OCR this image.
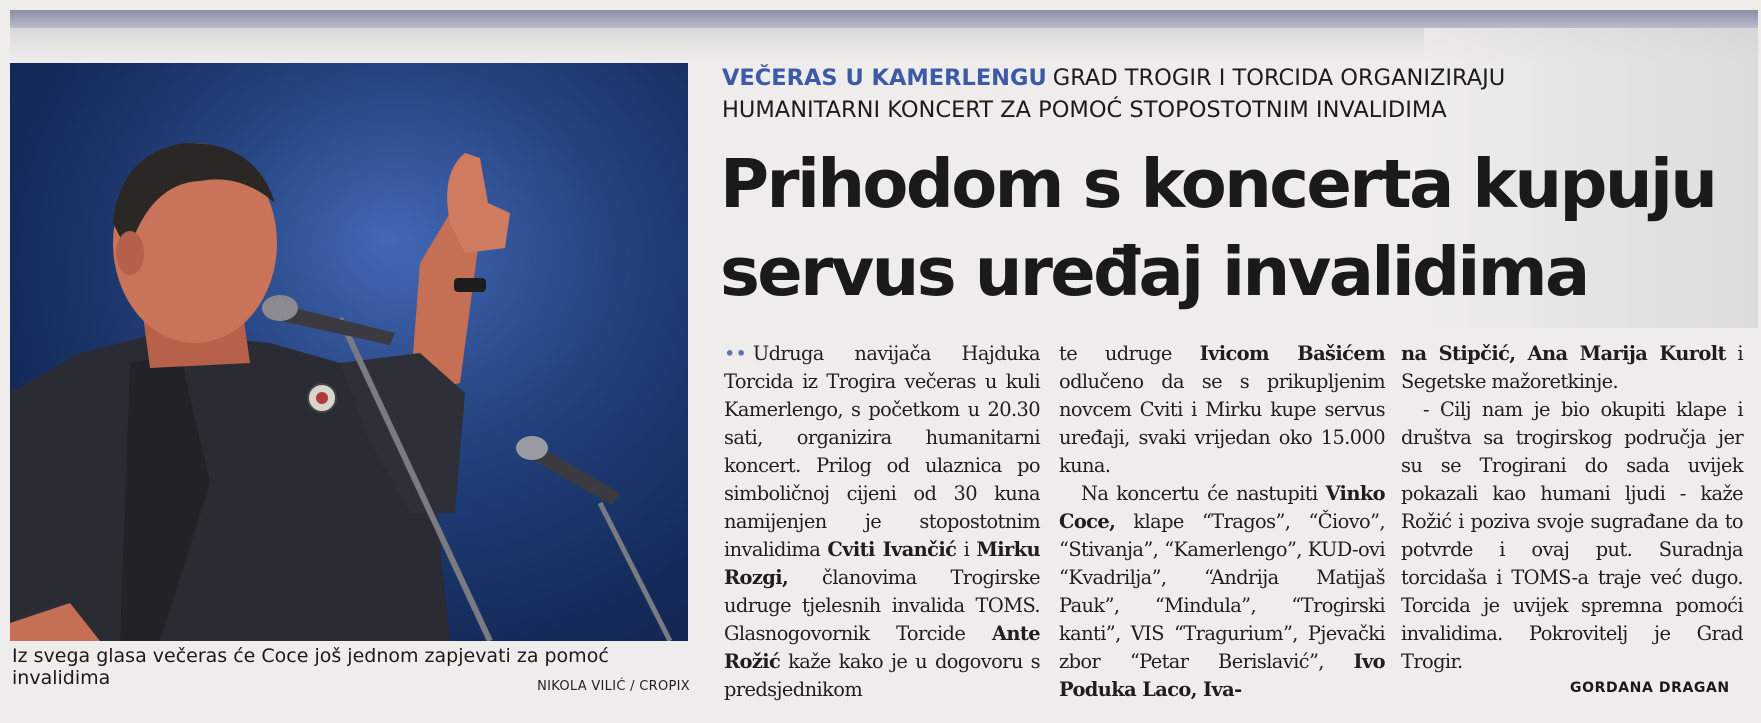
Iz svega glasa večeras će Coce još jednom zapjevati za pomoć invalidima	NIKOLA VILIĆ / CROPIX
VEČERAS U KAMERLENGU GRAD TROGIR I TORCIDA ORGANIZIRAJU HUMANITARNI KONCERT ZA POMOĆ STOPOSTOTNIM INVALIDIMA
Prihodom s koncerta kupuju
servus uređaj invalidima

•• Udruga navijača Hajduka Torcida iz Trogira večeras u kuli Kamerlengo, s početkom u 20.30 sati, organizira humanitarni koncert. Prilog od ulaznica po simboličnoj cijeni od 30 kuna namijenjen je stopostotnim invalidima Cviti Ivančić i Mirku Rozgi, članovima Trogirske udruge tjelesnih invalida TOMS. Glasnogovornik Torcide Ante Rožić kaže kako je u dogovoru s predsjednikom

te udruge Ivicom Bašićem odlučeno da se s prikupljenim novcem Cviti i Mirku kupe servus uređaji, svaki vrijedan oko 15.000 kuna.

Na koncertu će nastupiti Vinko Coce, klape “Tragos”, “Čiovo”, “Stivanja”, “Kamerlengo”, KUD-ovi “Kvadrilja”, “Andrija Matijaš Pauk”, “Mindula”, “Trogirski kanti”, VIS “Tragurium”, Pjevački zbor “Petar Berislavić”, Ivo Poduka Laco, Iva-

na Stipčić, Ana Marija Kurolt i Segetske mažoretkinje.

- Cilj nam je bio okupiti klape i društva sa trogirskog područja jer su se Trogirani do sada uvijek pokazali kao humani ljudi - kaže Rožić i poziva svoje sugrađane da to potvrde i ovaj put. Suradnja torcidaša i TOMS-a traje već dugo. Torcida je uvijek spremna pomoći invalidima. Pokrovitelj je Grad Trogir.

GORDANA DRAGAN
